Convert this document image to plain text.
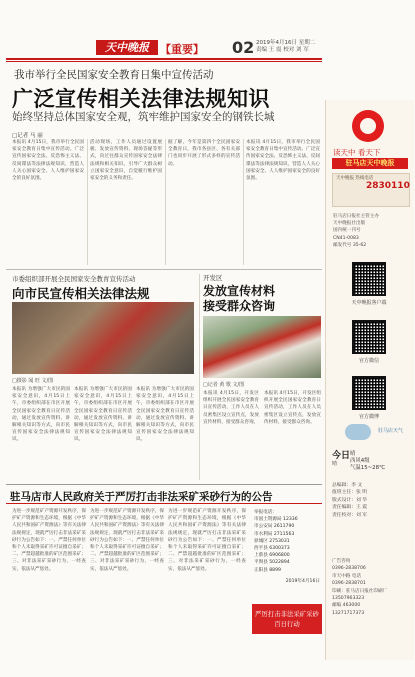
天中晚报	【重要】 02 2019年4月16日 星期二
责编 王 震 校对 刘 军
我市举行全民国家安全教育日集中宣传活动
广泛宣传相关法律法规知识
始终坚持总体国家安全观，筑牢维护国家安全的钢铁长城
□记者 马 丽
本报讯 4月15日，我市举行全民国家安全教育日集中宣传活动。广泛宣传国家安全法、反恐怖主义法、反间谍法等法律法规知识，营造人人关心国家安全、人人维护国家安全的良好氛围。
活动现场，工作人员通过设置展板、发放宣传资料、现场答疑等形式，向过往群众宣传国家安全法律法规和相关知识，引导广大群众树立国家安全意识，自觉履行维护国家安全的义务和责任。
据了解，今年是第四个全民国家安全教育日，我市各县区、各有关部门也同步开展了形式多样的宣传活动。
本报讯 4月15日，我市举行全民国家安全教育日集中宣传活动。广泛宣传国家安全法、反恐怖主义法、反间谍法等法律法规知识，营造人人关心国家安全、人人维护国家安全的良好氛围。
市委组织部开展全民国家安全教育宣传活动
向市民宣传相关法律法规
□摄影 闻 旺 文/图
本报讯 为增强广大市民的国家安全意识，4月15日上午，市委组织部在市区开展全民国家安全教育日宣传活动，通过发放宣传资料、讲解相关知识等方式，向市民宣传国家安全法律法规知识。
本报讯 为增强广大市民的国家安全意识，4月15日上午，市委组织部在市区开展全民国家安全教育日宣传活动，通过发放宣传资料、讲解相关知识等方式，向市民宣传国家安全法律法规知识。
本报讯 为增强广大市民的国家安全意识，4月15日上午，市委组织部在市区开展全民国家安全教育日宣传活动，通过发放宣传资料、讲解相关知识等方式，向市民宣传国家安全法律法规知识。
开发区
发放宣传材料
接受群众咨询
□记者 黄 歌 文/图
本报讯 4月15日，开发区组织开展全民国家安全教育日宣传活动，工作人员在人员密集区设立宣传点，发放宣传材料，接受群众咨询。
本报讯 4月15日，开发区组织开展全民国家安全教育日宣传活动，工作人员在人员密集区设立宣传点，发放宣传材料，接受群众咨询。
驻马店市人民政府关于严厉打击非法采矿采砂行为的公告
为进一步规范矿产资源开发秩序，保护矿产资源和生态环境，根据《中华人民共和国矿产资源法》等有关法律法规规定，现就严厉打击非法采矿采砂行为公告如下：一、严禁任何单位和个人未取得采矿许可证擅自采矿；二、严禁超越批准的矿区范围采矿；三、对非法采矿采砂行为，一经查实，依法从严惩处。
为进一步规范矿产资源开发秩序，保护矿产资源和生态环境，根据《中华人民共和国矿产资源法》等有关法律法规规定，现就严厉打击非法采矿采砂行为公告如下：一、严禁任何单位和个人未取得采矿许可证擅自采矿；二、严禁超越批准的矿区范围采矿；三、对非法采矿采砂行为，一经查实，依法从严惩处。
为进一步规范矿产资源开发秩序，保护矿产资源和生态环境，根据《中华人民共和国矿产资源法》等有关法律法规规定，现就严厉打击非法采矿采砂行为公告如下：一、严禁任何单位和个人未取得采矿许可证擅自采矿；二、严禁超越批准的矿区范围采矿；三、对非法采矿采砂行为，一经查实，依法从严惩处。
举报电话：
市国土资源局 12336
市公安局 2611790
市水利局 2711563
驿城区 2753031
西平县 6300373
上蔡县 6906800
平舆县 5022894
正阳县 8899
2019年4月16日
严厉打击非法采矿采砂
百日行动
读天中 看天下
驻马店天中晚报
天中晚报 热线电话
2830110
驻马店日报社主管主办
天中晚报社出版
国内统一刊号
CN41-0083
邮发代号 35-62
天中晚报客户端
官方微信
官方微博
驻马店天气
今日
晴
晴
西风4级
气温15~28℃
总编辑：李 文
值班主任：张 明
版式设计：刘 华
责任编辑：王 震
责任校对：刘 军
广告咨询
0396-2838706
市天中路 电话
0396-2838701
印刷：驻马店日报社印刷厂
13507963323
邮编 463000
13271717373
